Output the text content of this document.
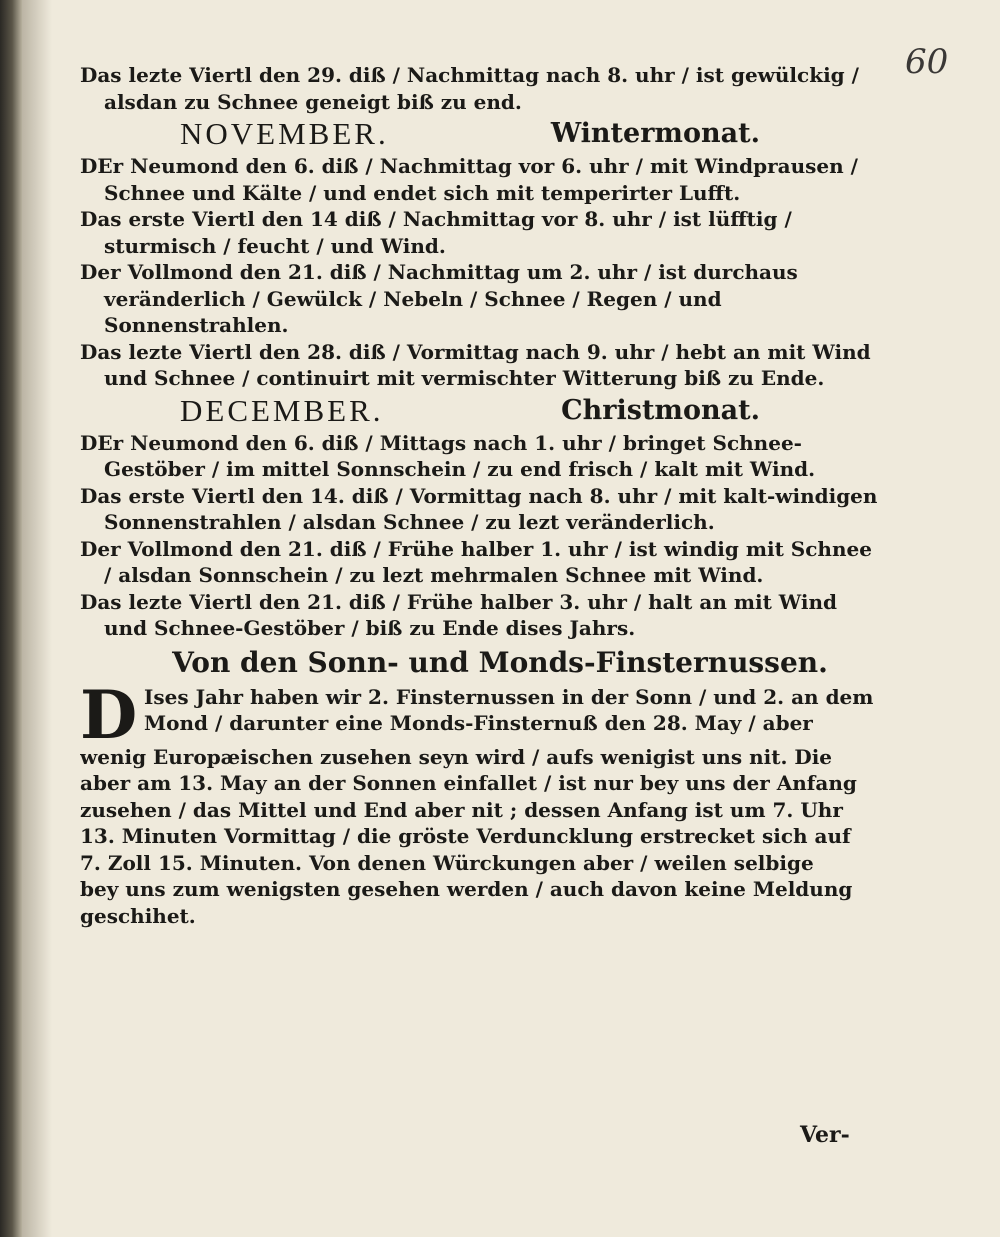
60
Das lezte Viertl den 29. diß / Nachmittag nach 8. uhr / ist gewülckig /
alsdan zu Schnee geneigt biß zu end.
NOVEMBER.	Wintermonat.
DEr Neumond den 6. diß / Nachmittag vor 6. uhr / mit Windprausen /
Schnee und Kälte / und endet sich mit temperirter Lufft.
Das erste Viertl den 14 diß / Nachmittag vor 8. uhr / ist lüfftig / sturmisch / feucht / und Wind.
Der Vollmond den 21. diß / Nachmittag um 2. uhr / ist durchaus veränderlich / Gewülck / Nebeln / Schnee / Regen / und Sonnenstrahlen.
Das lezte Viertl den 28. diß / Vormittag nach 9. uhr / hebt an mit Wind und Schnee / continuirt mit vermischter Witterung biß zu Ende.
DECEMBER.	Christmonat.
DEr Neumond den 6. diß / Mittags nach 1. uhr / bringet Schnee-Gestöber / im mittel Sonnschein / zu end frisch / kalt mit Wind.
Das erste Viertl den 14. diß / Vormittag nach 8. uhr / mit kalt-windigen Sonnenstrahlen / alsdan Schnee / zu lezt veränderlich.
Der Vollmond den 21. diß / Frühe halber 1. uhr / ist windig mit Schnee / alsdan Sonnschein / zu lezt mehrmalen Schnee mit Wind.
Das lezte Viertl den 21. diß / Frühe halber 3. uhr / halt an mit Wind und Schnee-Gestöber / biß zu Ende dises Jahrs.
Von den Sonn- und Monds-Finsternussen.
D Ises Jahr haben wir 2. Finsternussen in der Sonn / und 2. an dem
Mond / darunter eine Monds-Finsternuß den 28. May / aber
wenig Europæischen zusehen seyn wird / aufs wenigist uns nit. Die
aber am 13. May an der Sonnen einfallet / ist nur bey uns der Anfang
zusehen / das Mittel und End aber nit ; dessen Anfang ist um 7. Uhr
13. Minuten Vormittag / die gröste Verduncklung erstrecket sich auf
7. Zoll 15. Minuten. Von denen Würckungen aber / weilen selbige
bey uns zum wenigsten gesehen werden / auch davon keine Meldung
geschihet.
Ver-
